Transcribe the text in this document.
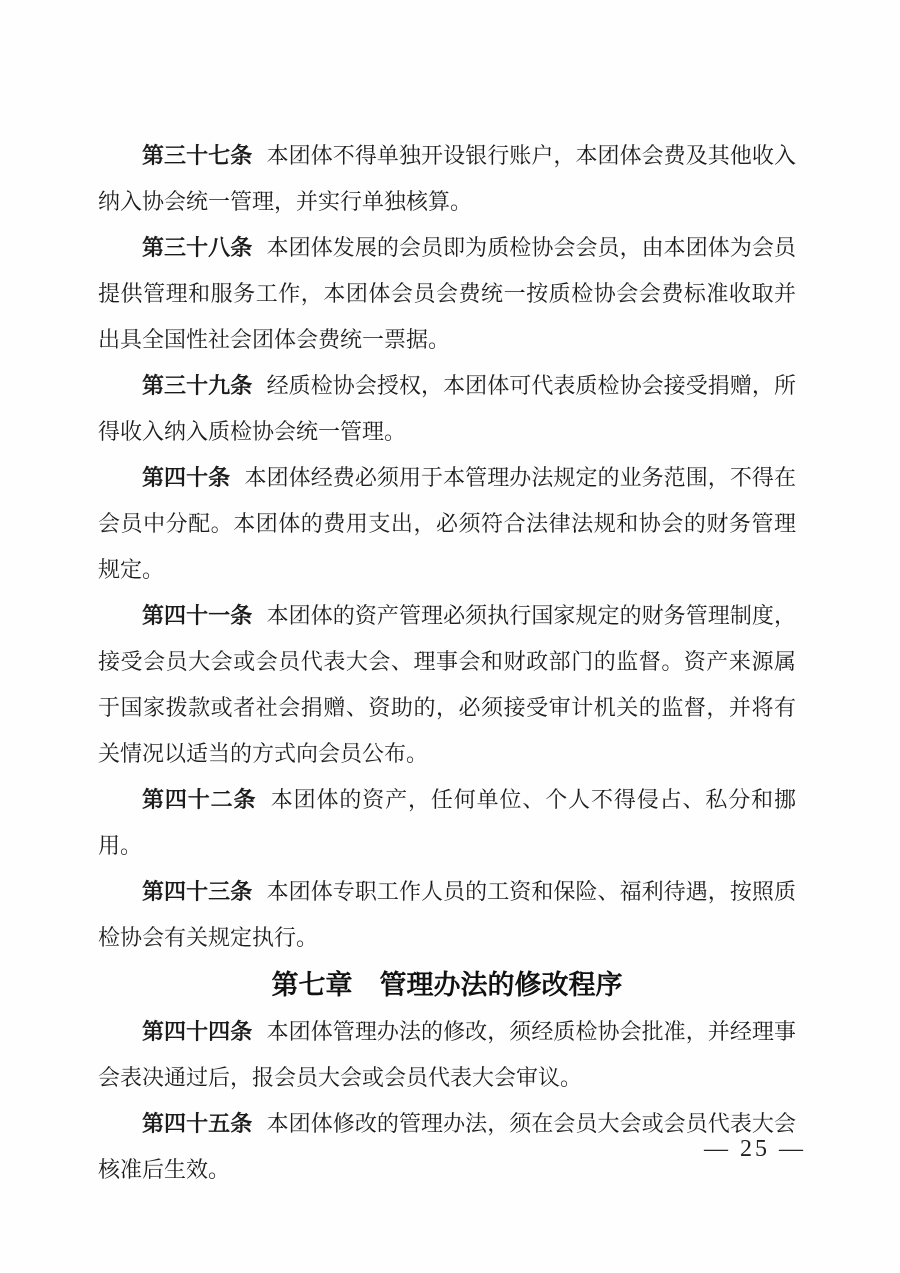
第三十七条 本团体不得单独开设银行账户，本团体会费及其他收入纳入协会统一管理，并实行单独核算。

第三十八条 本团体发展的会员即为质检协会会员，由本团体为会员提供管理和服务工作，本团体会员会费统一按质检协会会费标准收取并出具全国性社会团体会费统一票据。

第三十九条 经质检协会授权，本团体可代表质检协会接受捐赠，所得收入纳入质检协会统一管理。

第四十条 本团体经费必须用于本管理办法规定的业务范围，不得在会员中分配。本团体的费用支出，必须符合法律法规和协会的财务管理规定。

第四十一条 本团体的资产管理必须执行国家规定的财务管理制度，接受会员大会或会员代表大会、理事会和财政部门的监督。资产来源属于国家拨款或者社会捐赠、资助的，必须接受审计机关的监督，并将有关情况以适当的方式向会员公布。

第四十二条 本团体的资产，任何单位、个人不得侵占、私分和挪用。

第四十三条 本团体专职工作人员的工资和保险、福利待遇，按照质检协会有关规定执行。

第七章　管理办法的修改程序

第四十四条 本团体管理办法的修改，须经质检协会批准，并经理事会表决通过后，报会员大会或会员代表大会审议。

第四十五条 本团体修改的管理办法，须在会员大会或会员代表大会核准后生效。

— 25 —
